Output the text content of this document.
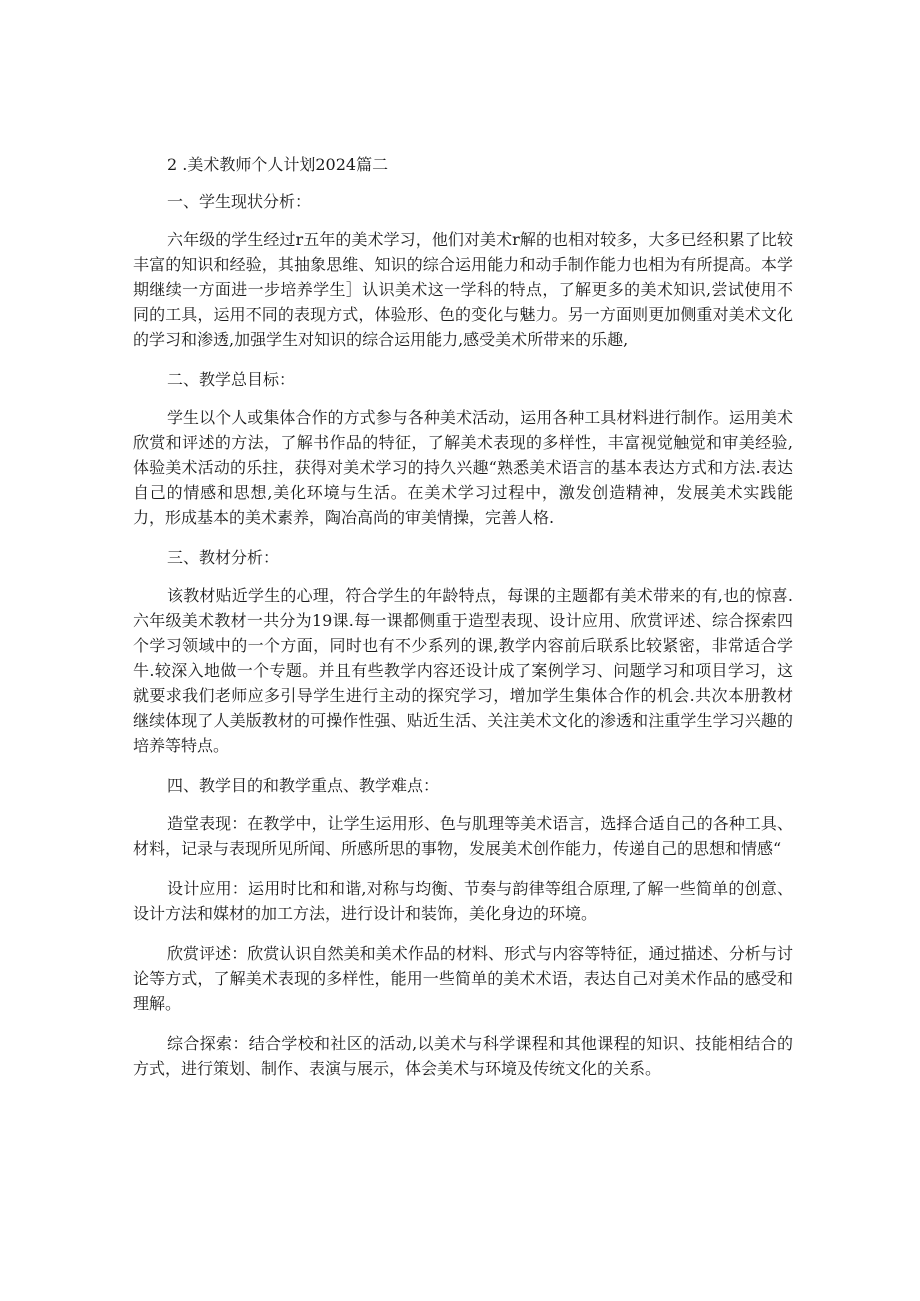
2 .美术教师个人计划2024篇二
一、学生现状分析：

六年级的学生经过r五年的美术学习，他们对美术r解的也相对较多，大多已经积累了比较丰富的知识和经验，其抽象思维、知识的综合运用能力和动手制作能力也相为有所提高。本学期继续一方面进一步培养学生］认识美术这一学科的特点，了解更多的美术知识,尝试使用不同的工具，运用不同的表现方式，体验形、色的变化与魅力。另一方面则更加侧重对美术文化的学习和渗透,加强学生对知识的综合运用能力,感受美术所带来的乐趣,

二、教学总目标：

学生以个人或集体合作的方式参与各种美术活动，运用各种工具材料进行制作。运用美术欣赏和评述的方法，了解书作品的特征，了解美术表现的多样性，丰富视觉触觉和审美经验,体验美术活动的乐拄，获得对美术学习的持久兴趣“熟悉美术语言的基本表达方式和方法.表达自己的情感和思想,美化环境与生活。在美术学习过程中，激发创造精神，发展美术实践能力，形成基本的美术素养，陶冶高尚的审美情操，完善人格.

三、教材分析：

该教材贴近学生的心理，符合学生的年龄特点，每课的主题都有美术带来的有,也的惊喜.六年级美术教材一共分为19课.每一课都侧重于造型表现、设计应用、欣赏评述、综合探索四个学习领域中的一个方面，同时也有不少系列的课,教学内容前后联系比较紧密，非常适合学牛.较深入地做一个专题。并且有些教学内容还设计成了案例学习、问题学习和项目学习，这就要求我们老师应多引导学生进行主动的探究学习，增加学生集体合作的机会.共次本册教材继续体现了人美版教材的可操作性强、贴近生活、关注美术文化的渗透和注重学生学习兴趣的培养等特点。

四、教学目的和教学重点、教学难点：

造堂表现：在教学中，让学生运用形、色与肌理等美术语言，选择合适自己的各种工具、材料，记录与表现所见所闻、所感所思的事物，发展美术创作能力，传递自己的思想和情感“

设计应用：运用时比和和谐,对称与均衡、节奏与韵律等组合原理,了解一些简单的创意、设计方法和媒材的加工方法，进行设计和装饰，美化身边的环境。

欣赏评述：欣赏认识自然美和美术作品的材料、形式与内容等特征，通过描述、分析与讨论等方式，了解美术表现的多样性，能用一些简单的美术术语，表达自己对美术作品的感受和理解。

综合探索：结合学校和社区的活动,以美术与科学课程和其他课程的知识、技能相结合的方式，进行策划、制作、表演与展示，体会美术与环境及传统文化的关系。
